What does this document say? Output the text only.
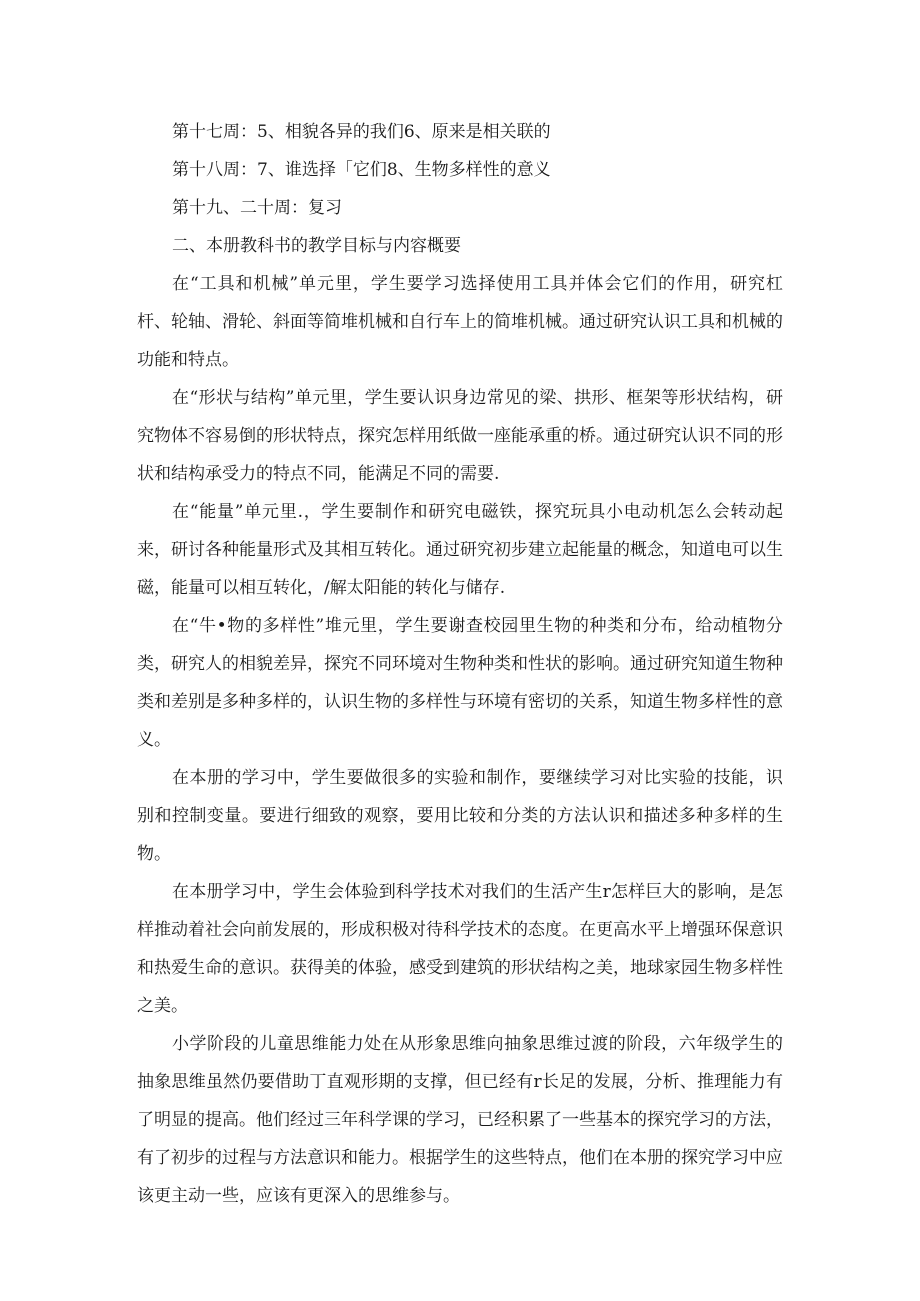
第十七周：5、相貌各异的我们6、原来是相关联的

第十八周：7、谁选择「它们8、生物多样性的意义

第十九、二十周：复习

二、本册教科书的教学目标与内容概要

在“工具和机械”单元里，学生要学习选择使用工具并体会它们的作用，研究杠杆、轮轴、滑轮、斜面等简堆机械和自行车上的简堆机械。通过研究认识工具和机械的功能和特点。

在“形状与结构”单元里，学生要认识身边常见的梁、拱形、框架等形状结构，研究物体不容易倒的形状特点，探究怎样用纸做一座能承重的桥。通过研究认识不同的形状和结构承受力的特点不同，能满足不同的需要.

在“能量”单元里.，学生要制作和研究电磁铁，探究玩具小电动机怎么会转动起来，研讨各种能量形式及其相互转化。通过研究初步建立起能量的概念，知道电可以生磁，能量可以相互转化，/解太阳能的转化与储存.

在“牛•物的多样性”堆元里，学生要谢查校园里生物的种类和分布，给动植物分类，研究人的相貌差异，探究不同环境对生物种类和性状的影响。通过研究知道生物种类和差别是多种多样的，认识生物的多样性与环境有密切的关系，知道生物多样性的意义。

在本册的学习中，学生要做很多的实验和制作，要继续学习对比实验的技能，识别和控制变量。要进行细致的观察，要用比较和分类的方法认识和描述多种多样的生物。

在本册学习中，学生会体验到科学技术对我们的生活产生r怎样巨大的影响，是怎样推动着社会向前发展的，形成积极对待科学技术的态度。在更高水平上增强环保意识和热爱生命的意识。获得美的体验，感受到建筑的形状结构之美，地球家园生物多样性之美。

小学阶段的儿童思维能力处在从形象思维向抽象思维过渡的阶段，六年级学生的抽象思维虽然仍要借助丁直观形期的支撑，但已经有r长足的发展，分析、推理能力有了明显的提高。他们经过三年科学课的学习，已经积累了一些基本的探究学习的方法，有了初步的过程与方法意识和能力。根据学生的这些特点，他们在本册的探究学习中应该更主动一些，应该有更深入的思维参与。
